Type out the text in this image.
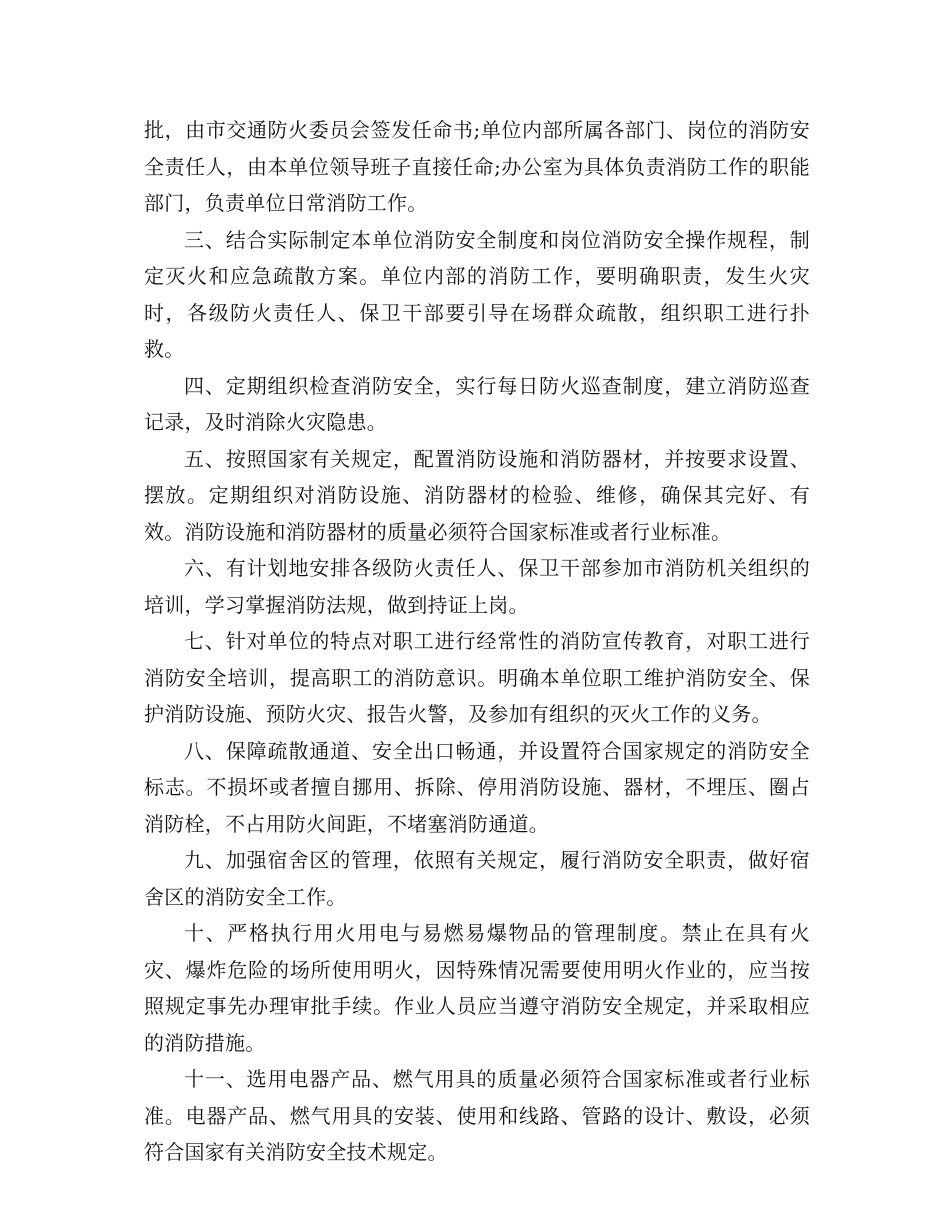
批，由市交通防火委员会签发任命书;单位内部所属各部门、岗位的消防安全责任人，由本单位领导班子直接任命;办公室为具体负责消防工作的职能部门，负责单位日常消防工作。

三、结合实际制定本单位消防安全制度和岗位消防安全操作规程，制定灭火和应急疏散方案。单位内部的消防工作，要明确职责，发生火灾时，各级防火责任人、保卫干部要引导在场群众疏散，组织职工进行扑救。

四、定期组织检查消防安全，实行每日防火巡查制度，建立消防巡查记录，及时消除火灾隐患。

五、按照国家有关规定，配置消防设施和消防器材，并按要求设置、摆放。定期组织对消防设施、消防器材的检验、维修，确保其完好、有效。消防设施和消防器材的质量必须符合国家标准或者行业标准。

六、有计划地安排各级防火责任人、保卫干部参加市消防机关组织的培训，学习掌握消防法规，做到持证上岗。

七、针对单位的特点对职工进行经常性的消防宣传教育，对职工进行消防安全培训，提高职工的消防意识。明确本单位职工维护消防安全、保护消防设施、预防火灾、报告火警，及参加有组织的灭火工作的义务。

八、保障疏散通道、安全出口畅通，并设置符合国家规定的消防安全标志。不损坏或者擅自挪用、拆除、停用消防设施、器材，不埋压、圈占消防栓，不占用防火间距，不堵塞消防通道。

九、加强宿舍区的管理，依照有关规定，履行消防安全职责，做好宿舍区的消防安全工作。

十、严格执行用火用电与易燃易爆物品的管理制度。禁止在具有火灾、爆炸危险的场所使用明火，因特殊情况需要使用明火作业的，应当按照规定事先办理审批手续。作业人员应当遵守消防安全规定，并采取相应的消防措施。

十一、选用电器产品、燃气用具的质量必须符合国家标准或者行业标准。电器产品、燃气用具的安装、使用和线路、管路的设计、敷设，必须符合国家有关消防安全技术规定。
